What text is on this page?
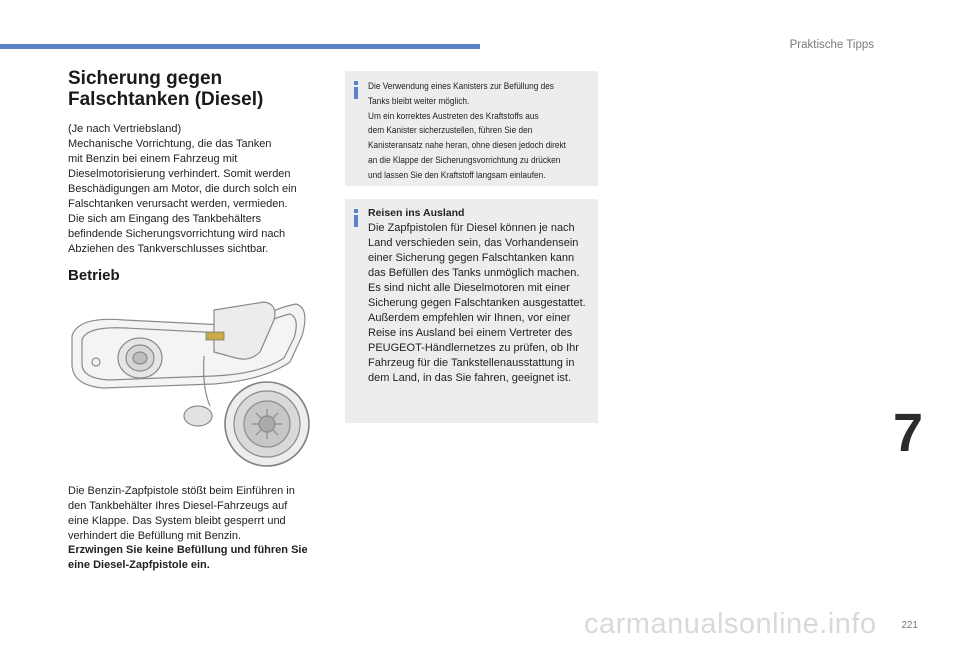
Praktische Tipps
Sicherung gegen
Falschtanken (Diesel)
(Je nach Vertriebsland)
Mechanische Vorrichtung, die das Tanken
mit Benzin bei einem Fahrzeug mit
Dieselmotorisierung verhindert. Somit werden
Beschädigungen am Motor, die durch solch ein
Falschtanken verursacht werden, vermieden.
Die sich am Eingang des Tankbehälters
befindende Sicherungsvorrichtung wird nach
Abziehen des Tankverschlusses sichtbar.
Betrieb
Die Benzin-Zapfpistole stößt beim Einführen in
den Tankbehälter Ihres Diesel-Fahrzeugs auf
eine Klappe. Das System bleibt gesperrt und
verhindert die Befüllung mit Benzin.
Erzwingen Sie keine Befüllung und führen Sie
eine Diesel-Zapfpistole ein.
Die Verwendung eines Kanisters zur Befüllung des
Tanks bleibt weiter möglich.
Um ein korrektes Austreten des Kraftstoffs aus
dem Kanister sicherzustellen, führen Sie den
Kanisteransatz nahe heran, ohne diesen jedoch direkt
an die Klappe der Sicherungsvorrichtung zu drücken
und lassen Sie den Kraftstoff langsam einlaufen.
Reisen ins Ausland
Die Zapfpistolen für Diesel können je nach
Land verschieden sein, das Vorhandensein
einer Sicherung gegen Falschtanken kann
das Befüllen des Tanks unmöglich machen.
Es sind nicht alle Dieselmotoren mit einer
Sicherung gegen Falschtanken ausgestattet.
Außerdem empfehlen wir Ihnen, vor einer
Reise ins Ausland bei einem Vertreter des
PEUGEOT-Händlernetzes zu prüfen, ob Ihr
Fahrzeug für die Tankstellenausstattung in
dem Land, in das Sie fahren, geeignet ist.
7
221
carmanualsonline.info
